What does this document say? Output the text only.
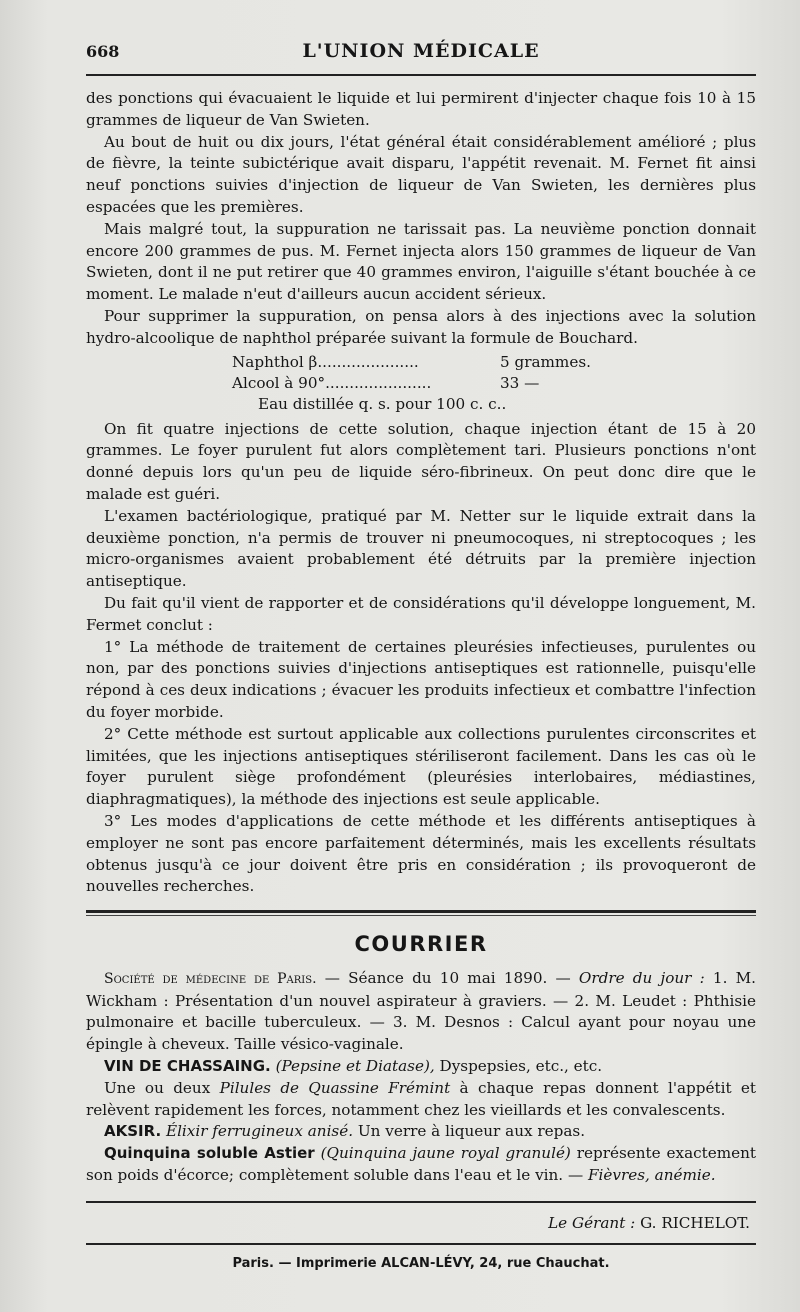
668	L'UNION MÉDICALE

des ponctions qui évacuaient le liquide et lui permirent d'injecter chaque fois 10 à 15 grammes de liqueur de Van Swieten.

Au bout de huit ou dix jours, l'état général était considérablement amélioré ; plus de fièvre, la teinte subictérique avait disparu, l'appétit revenait. M. Fernet fit ainsi neuf ponctions suivies d'injection de liqueur de Van Swieten, les dernières plus espacées que les premières.

Mais malgré tout, la suppuration ne tarissait pas. La neuvième ponction donnait encore 200 grammes de pus. M. Fernet injecta alors 150 grammes de liqueur de Van Swieten, dont il ne put retirer que 40 grammes environ, l'aiguille s'étant bouchée à ce moment. Le malade n'eut d'ailleurs aucun accident sérieux.

Pour supprimer la suppuration, on pensa alors à des injections avec la solution hydro-alcoolique de naphthol préparée suivant la formule de Bouchard.

Naphthol β.....................	5 grammes.
Alcool à 90°......................	33 —
Eau distillée q. s. pour 100 c. c..

On fit quatre injections de cette solution, chaque injection étant de 15 à 20 grammes. Le foyer purulent fut alors complètement tari. Plusieurs ponctions n'ont donné depuis lors qu'un peu de liquide séro-fibrineux. On peut donc dire que le malade est guéri.

L'examen bactériologique, pratiqué par M. Netter sur le liquide extrait dans la deuxième ponction, n'a permis de trouver ni pneumocoques, ni streptocoques ; les micro-organismes avaient probablement été détruits par la première injection antiseptique.

Du fait qu'il vient de rapporter et de considérations qu'il développe longuement, M. Fermet conclut :

1° La méthode de traitement de certaines pleurésies infectieuses, purulentes ou non, par des ponctions suivies d'injections antiseptiques est rationnelle, puisqu'elle répond à ces deux indications ; évacuer les produits infectieux et combattre l'infection du foyer morbide.

2° Cette méthode est surtout applicable aux collections purulentes circonscrites et limitées, que les injections antiseptiques stériliseront facilement. Dans les cas où le foyer purulent siège profondément (pleurésies interlobaires, médiastines, diaphragmatiques), la méthode des injections est seule applicable.

3° Les modes d'applications de cette méthode et les différents antiseptiques à employer ne sont pas encore parfaitement déterminés, mais les excellents résultats obtenus jusqu'à ce jour doivent être pris en considération ; ils provoqueront de nouvelles recherches.

COURRIER

Société de médecine de Paris. — Séance du 10 mai 1890. — Ordre du jour : 1. M. Wickham : Présentation d'un nouvel aspirateur à graviers. — 2. M. Leudet : Phthisie pulmonaire et bacille tuberculeux. — 3. M. Desnos : Calcul ayant pour noyau une épingle à cheveux. Taille vésico-vaginale.

VIN DE CHASSAING. (Pepsine et Diatase), Dyspepsies, etc., etc.

Une ou deux Pilules de Quassine Frémint à chaque repas donnent l'appétit et relèvent rapidement les forces, notamment chez les vieillards et les convalescents.

AKSIR. Élixir ferrugineux anisé. Un verre à liqueur aux repas.

Quinquina soluble Astier (Quinquina jaune royal granulé) représente exactement son poids d'écorce; complètement soluble dans l'eau et le vin. — Fièvres, anémie.

Le Gérant : G. RICHELOT.
Paris. — Imprimerie ALCAN-LÉVY, 24, rue Chauchat.
